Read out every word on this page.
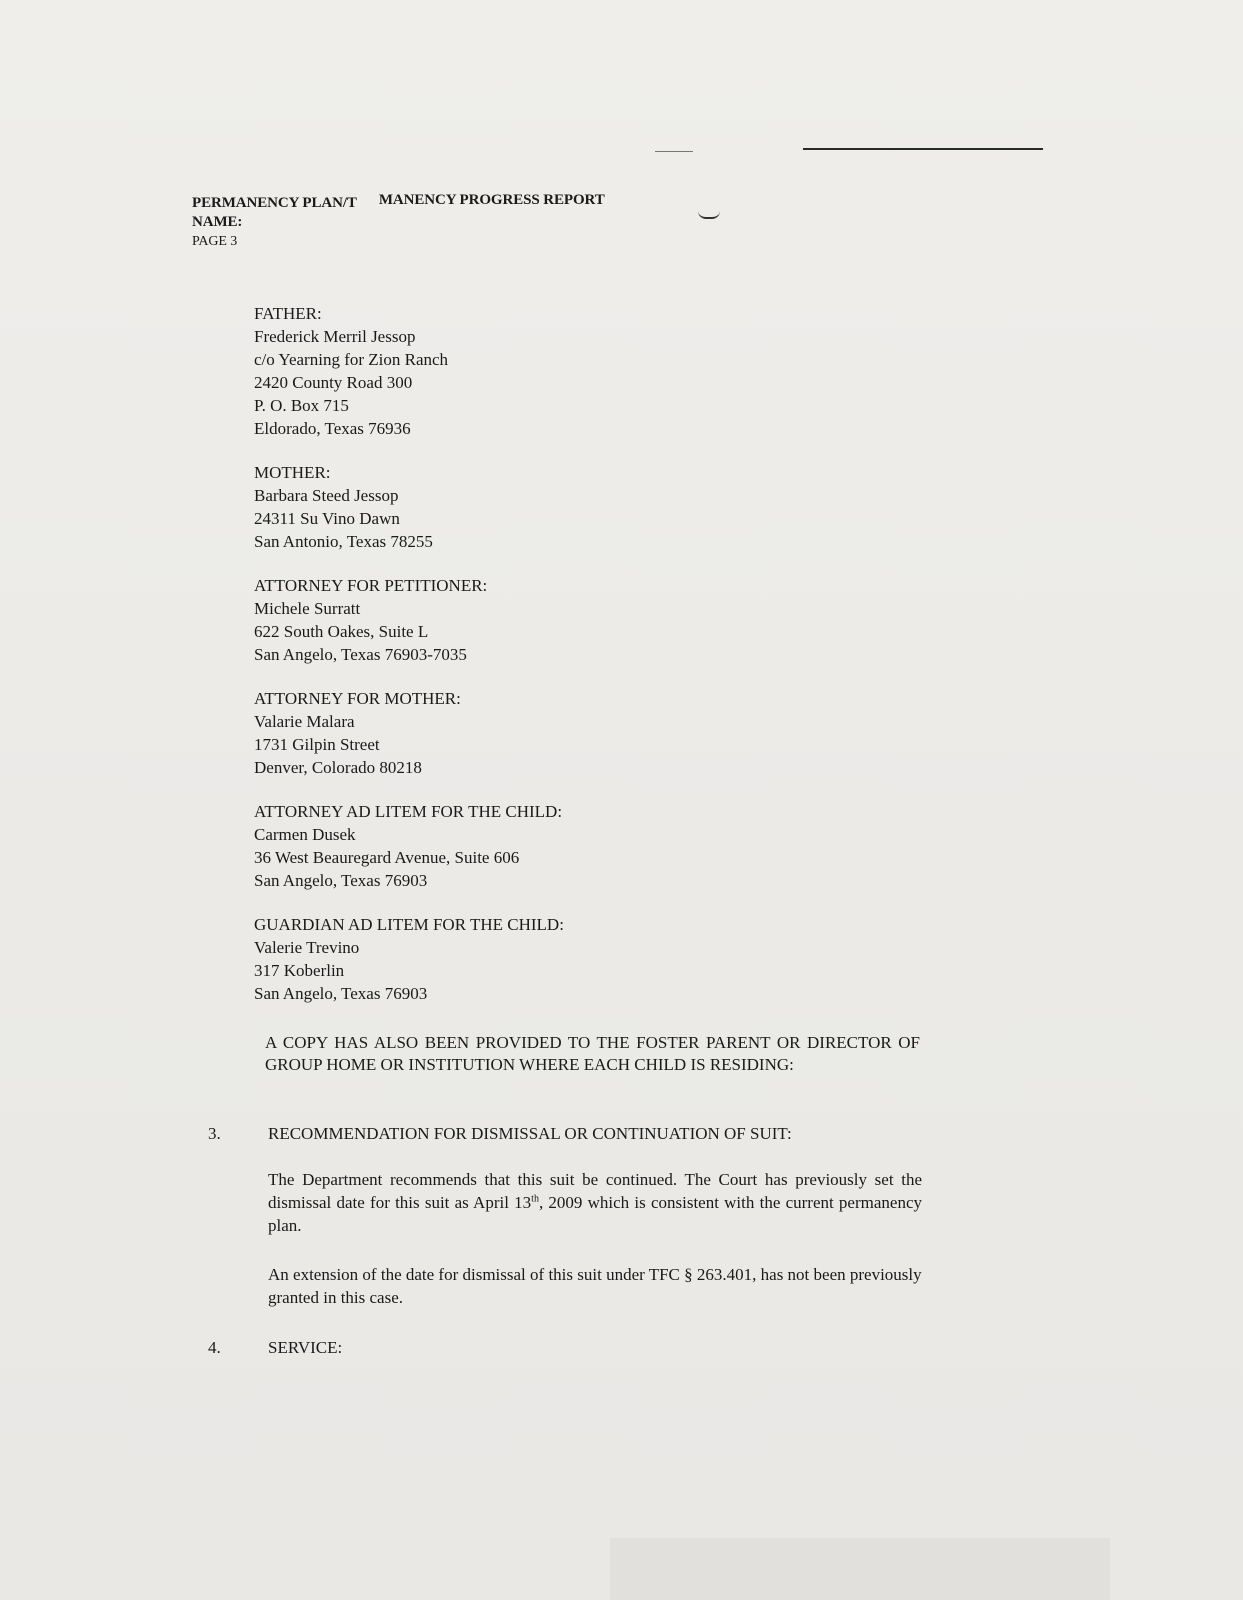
PERMANENCY PLAN/T MANENCY PROGRESS REPORT
NAME:
PAGE 3
FATHER:
Frederick Merril Jessop
c/o Yearning for Zion Ranch
2420 County Road 300
P. O. Box 715
Eldorado, Texas 76936
MOTHER:
Barbara Steed Jessop
24311 Su Vino Dawn
San Antonio, Texas 78255
ATTORNEY FOR PETITIONER:
Michele Surratt
622 South Oakes, Suite L
San Angelo, Texas 76903-7035
ATTORNEY FOR MOTHER:
Valarie Malara
1731 Gilpin Street
Denver, Colorado 80218
ATTORNEY AD LITEM FOR THE CHILD:
Carmen Dusek
36 West Beauregard Avenue, Suite 606
San Angelo, Texas 76903
GUARDIAN AD LITEM FOR THE CHILD:
Valerie Trevino
317 Koberlin
San Angelo, Texas 76903
A COPY HAS ALSO BEEN PROVIDED TO THE FOSTER PARENT OR DIRECTOR OF GROUP HOME OR INSTITUTION WHERE EACH CHILD IS RESIDING:
3.	RECOMMENDATION FOR DISMISSAL OR CONTINUATION OF SUIT:
The Department recommends that this suit be continued. The Court has previously set the dismissal date for this suit as April 13th, 2009 which is consistent with the current permanency plan.
An extension of the date for dismissal of this suit under TFC § 263.401, has not been previously granted in this case.
4.	SERVICE:
